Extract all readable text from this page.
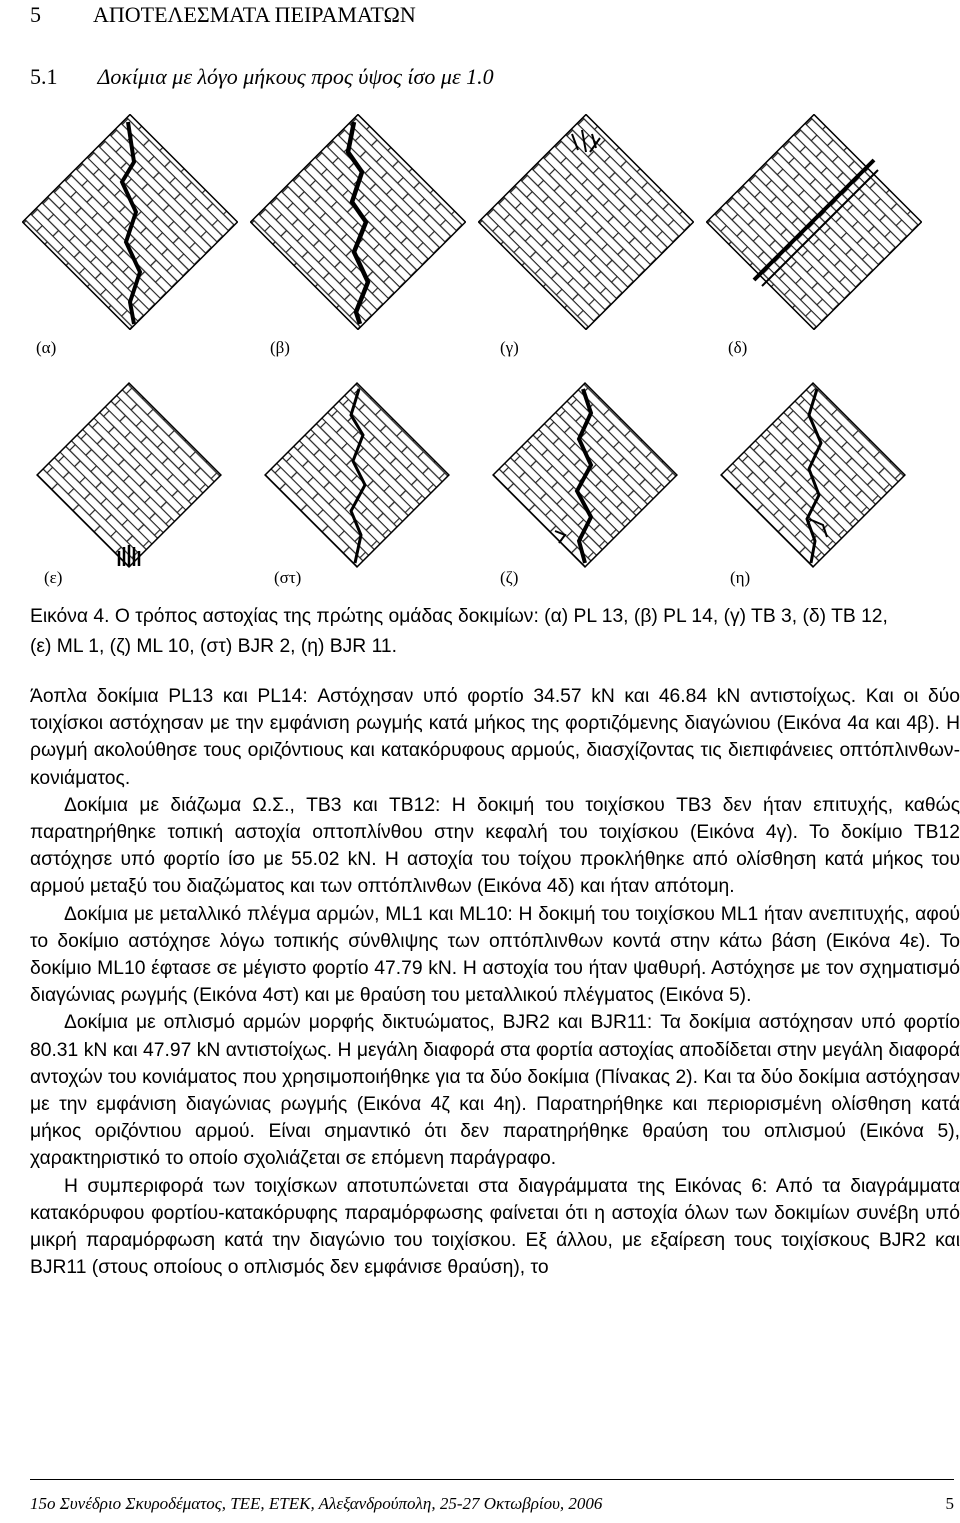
5 ΑΠΟΤΕΛΕΣΜΑΤΑ ΠΕΙΡΑΜΑΤΩΝ
5.1 Δοκίμια με λόγο μήκους προς ύψος ίσο με 1.0
(α)	(β)	(γ)	(δ)
(ε)	(στ)	(ζ)	(η)

Εικόνα 4. Ο τρόπος αστοχίας της πρώτης ομάδας δοκιμίων: (α) PL 13, (β) PL 14, (γ) TB 3, (δ) TB 12,

(ε) ML 1, (ζ) ML 10, (στ) BJR 2, (η) BJR 11.

Άοπλα δοκίμια PL13 και PL14: Αστόχησαν υπό φορτίο 34.57 kN και 46.84 kN αντιστοίχως. Και οι δύο τοιχίσκοι αστόχησαν με την εμφάνιση ρωγμής κατά μήκος της φορτιζόμενης διαγώνιου (Εικόνα 4α και 4β). Η ρωγμή ακολούθησε τους οριζόντιους και κατακόρυφους αρμούς, διασχίζοντας τις διεπιφάνειες οπτόπλινθων-κονιάματος.

Δοκίμια με διάζωμα Ω.Σ., TB3 και TB12: Η δοκιμή του τοιχίσκου TB3 δεν ήταν επιτυχής, καθώς παρατηρήθηκε τοπική αστοχία οπτοπλίνθου στην κεφαλή του τοιχίσκου (Εικόνα 4γ). Το δοκίμιο TB12 αστόχησε υπό φορτίο ίσο με 55.02 kN. Η αστοχία του τοίχου προκλήθηκε από ολίσθηση κατά μήκος του αρμού μεταξύ του διαζώματος και των οπτόπλινθων (Εικόνα 4δ) και ήταν απότομη.

Δοκίμια με μεταλλικό πλέγμα αρμών, ML1 και ML10: Η δοκιμή του τοιχίσκου ML1 ήταν ανεπιτυχής, αφού το δοκίμιο αστόχησε λόγω τοπικής σύνθλιψης των οπτόπλινθων κοντά στην κάτω βάση (Εικόνα 4ε). Το δοκίμιο ML10 έφτασε σε μέγιστο φορτίο 47.79 kN. Η αστοχία του ήταν ψαθυρή. Αστόχησε με τον σχηματισμό διαγώνιας ρωγμής (Εικόνα 4στ) και με θραύση του μεταλλικού πλέγματος (Εικόνα 5).

Δοκίμια με οπλισμό αρμών μορφής δικτυώματος, BJR2 και BJR11: Τα δοκίμια αστόχησαν υπό φορτίο 80.31 kN και 47.97 kN αντιστοίχως. Η μεγάλη διαφορά στα φορτία αστοχίας αποδίδεται στην μεγάλη διαφορά αντοχών του κονιάματος που χρησιμοποιήθηκε για τα δύο δοκίμια (Πίνακας 2). Και τα δύο δοκίμια αστόχησαν με την εμφάνιση διαγώνιας ρωγμής (Εικόνα 4ζ και 4η). Παρατηρήθηκε και περιορισμένη ολίσθηση κατά μήκος οριζόντιου αρμού. Είναι σημαντικό ότι δεν παρατηρήθηκε θραύση του οπλισμού (Εικόνα 5), χαρακτηριστικό το οποίο σχολιάζεται σε επόμενη παράγραφο.

Η συμπεριφορά των τοιχίσκων αποτυπώνεται στα διαγράμματα της Εικόνας 6: Από τα διαγράμματα κατακόρυφου φορτίου-κατακόρυφης παραμόρφωσης φαίνεται ότι η αστοχία όλων των δοκιμίων συνέβη υπό μικρή παραμόρφωση κατά την διαγώνιο του τοιχίσκου. Εξ άλλου, με εξαίρεση τους τοιχίσκους BJR2 και BJR11 (στους οποίους ο οπλισμός δεν εμφάνισε θραύση), το

15ο Συνέδριο Σκυροδέματος, ΤΕΕ, ΕΤΕΚ, Αλεξανδρούπολη, 25-27 Οκτωβρίου, 2006	5
